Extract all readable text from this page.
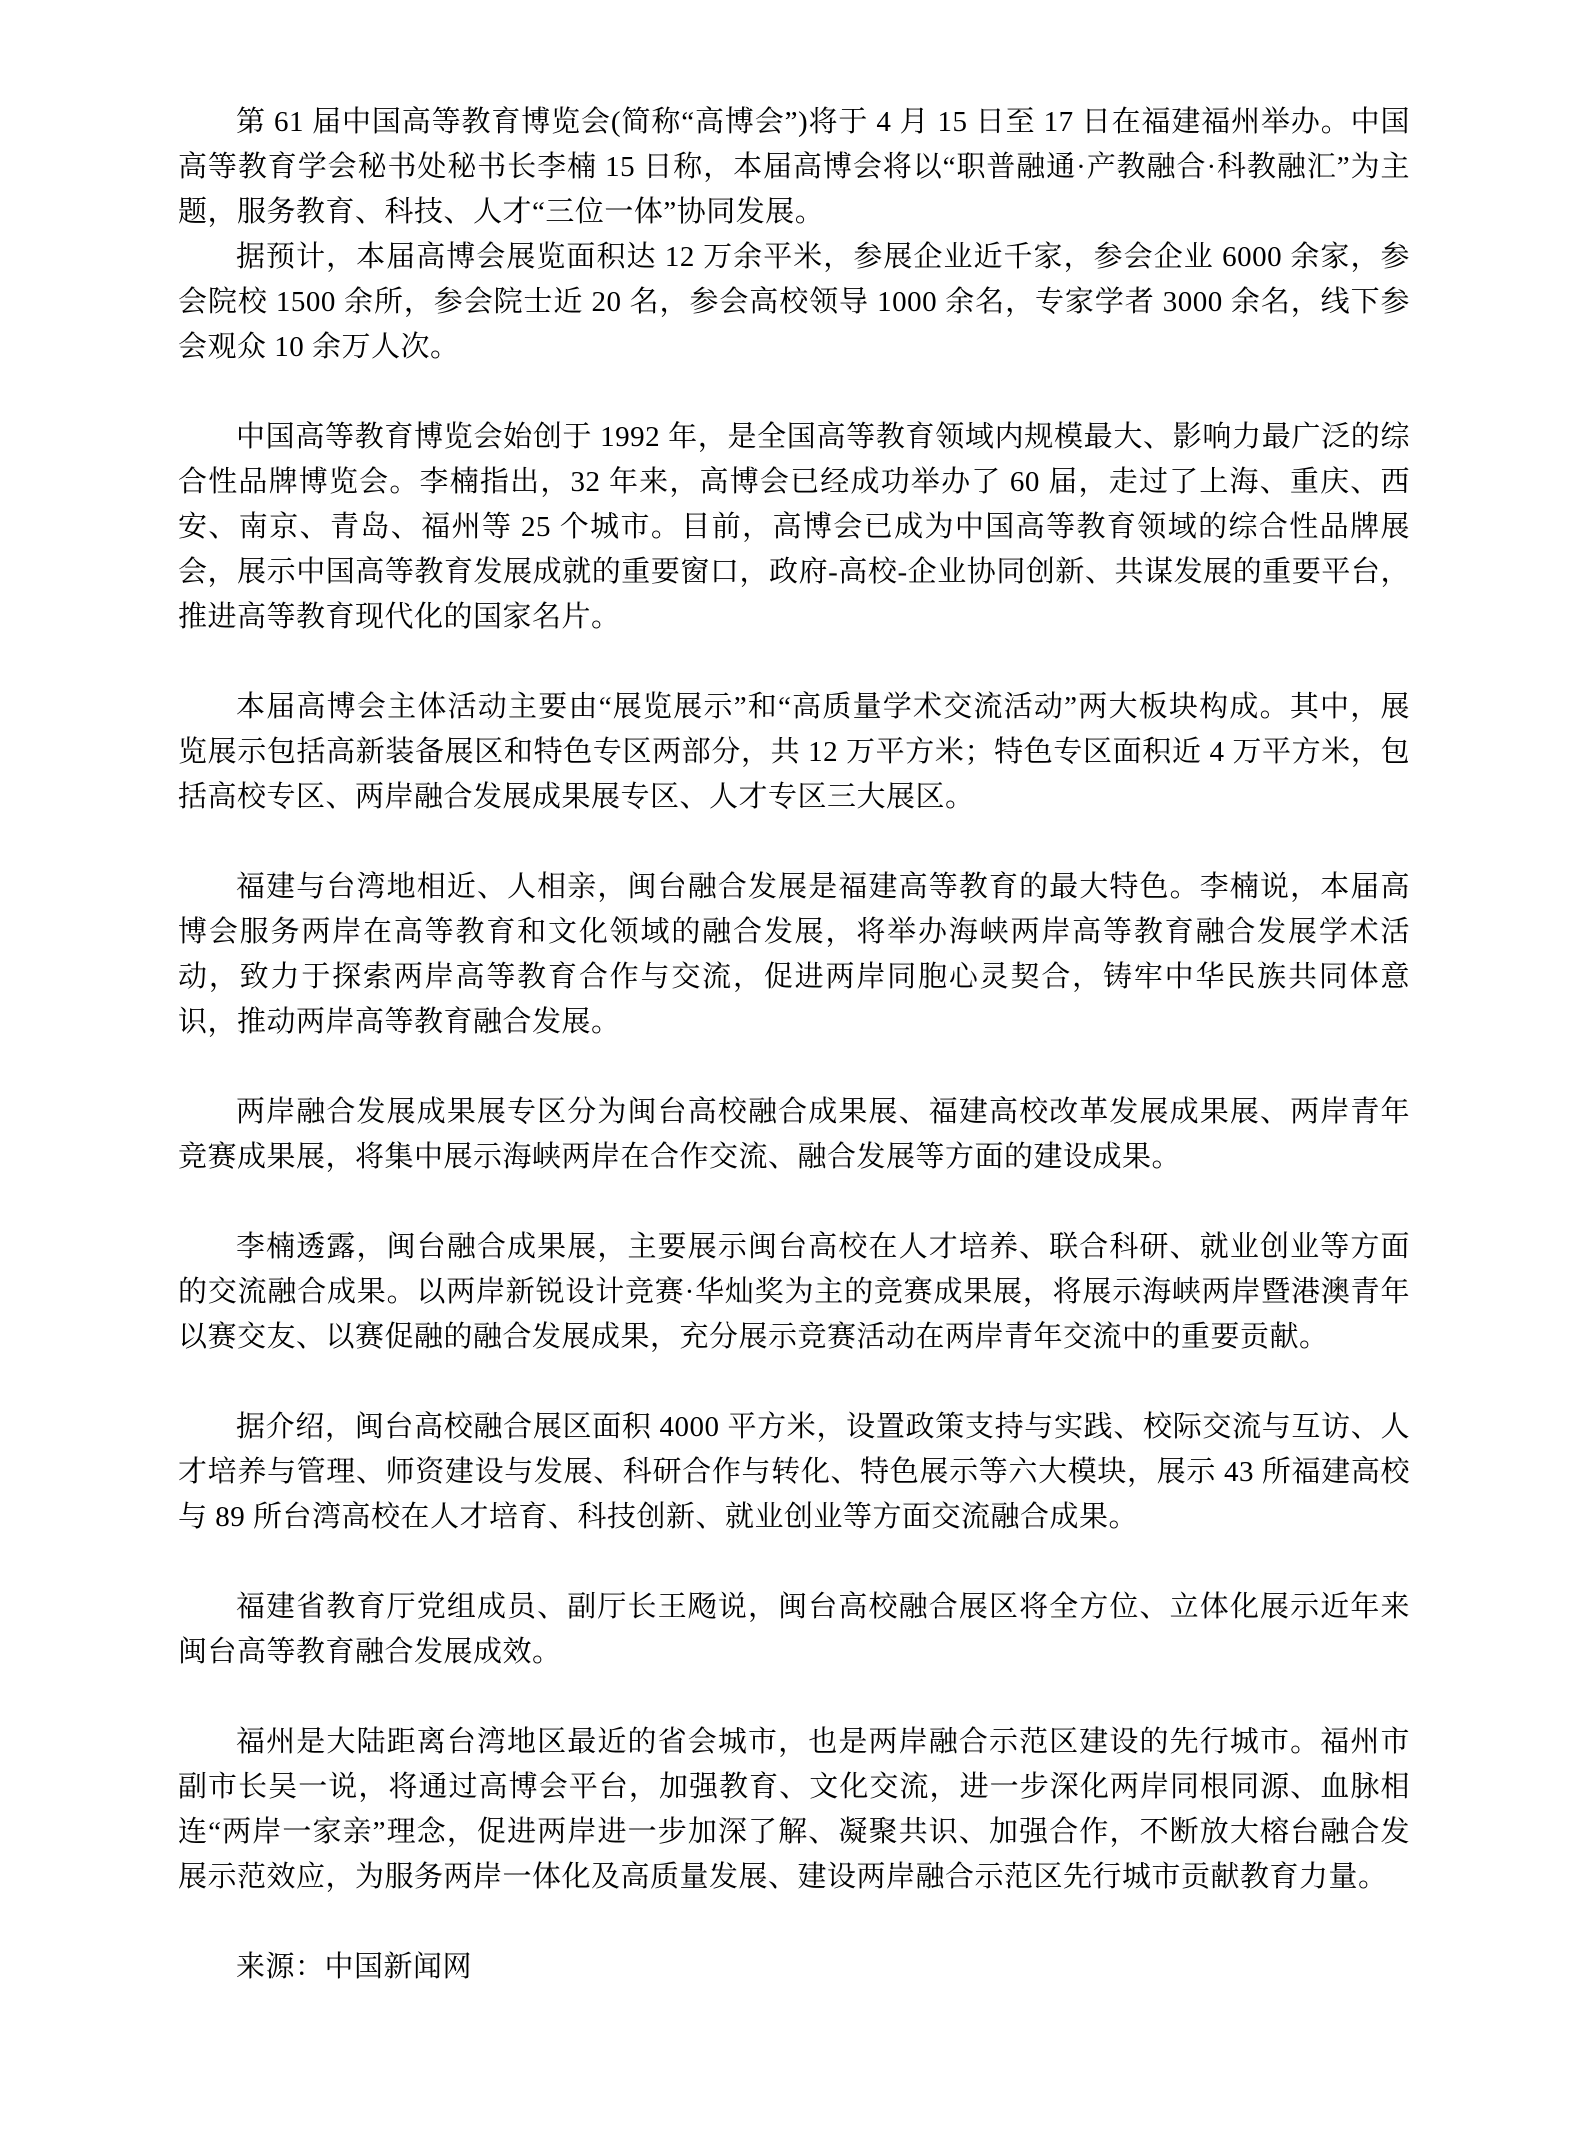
第 61 届中国高等教育博览会(简称“高博会”)将于 4 月 15 日至 17 日在福建福州举办。中国高等教育学会秘书处秘书长李楠 15 日称，本届高博会将以“职普融通·产教融合·科教融汇”为主题，服务教育、科技、人才“三位一体”协同发展。

据预计，本届高博会展览面积达 12 万余平米，参展企业近千家，参会企业 6000 余家，参会院校 1500 余所，参会院士近 20 名，参会高校领导 1000 余名，专家学者 3000 余名，线下参会观众 10 余万人次。

中国高等教育博览会始创于 1992 年，是全国高等教育领域内规模最大、影响力最广泛的综合性品牌博览会。李楠指出，32 年来，高博会已经成功举办了 60 届，走过了上海、重庆、西安、南京、青岛、福州等 25 个城市。目前，高博会已成为中国高等教育领域的综合性品牌展会，展示中国高等教育发展成就的重要窗口，政府-高校-企业协同创新、共谋发展的重要平台，推进高等教育现代化的国家名片。

本届高博会主体活动主要由“展览展示”和“高质量学术交流活动”两大板块构成。其中，展览展示包括高新装备展区和特色专区两部分，共 12 万平方米；特色专区面积近 4 万平方米，包括高校专区、两岸融合发展成果展专区、人才专区三大展区。

福建与台湾地相近、人相亲，闽台融合发展是福建高等教育的最大特色。李楠说，本届高博会服务两岸在高等教育和文化领域的融合发展，将举办海峡两岸高等教育融合发展学术活动，致力于探索两岸高等教育合作与交流，促进两岸同胞心灵契合，铸牢中华民族共同体意识，推动两岸高等教育融合发展。

两岸融合发展成果展专区分为闽台高校融合成果展、福建高校改革发展成果展、两岸青年竞赛成果展，将集中展示海峡两岸在合作交流、融合发展等方面的建设成果。

李楠透露，闽台融合成果展，主要展示闽台高校在人才培养、联合科研、就业创业等方面的交流融合成果。以两岸新锐设计竞赛·华灿奖为主的竞赛成果展，将展示海峡两岸暨港澳青年以赛交友、以赛促融的融合发展成果，充分展示竞赛活动在两岸青年交流中的重要贡献。

据介绍，闽台高校融合展区面积 4000 平方米，设置政策支持与实践、校际交流与互访、人才培养与管理、师资建设与发展、科研合作与转化、特色展示等六大模块，展示 43 所福建高校与 89 所台湾高校在人才培育、科技创新、就业创业等方面交流融合成果。

福建省教育厅党组成员、副厅长王飏说，闽台高校融合展区将全方位、立体化展示近年来闽台高等教育融合发展成效。

福州是大陆距离台湾地区最近的省会城市，也是两岸融合示范区建设的先行城市。福州市副市长吴一说，将通过高博会平台，加强教育、文化交流，进一步深化两岸同根同源、血脉相连“两岸一家亲”理念，促进两岸进一步加深了解、凝聚共识、加强合作，不断放大榕台融合发展示范效应，为服务两岸一体化及高质量发展、建设两岸融合示范区先行城市贡献教育力量。

来源：中国新闻网
